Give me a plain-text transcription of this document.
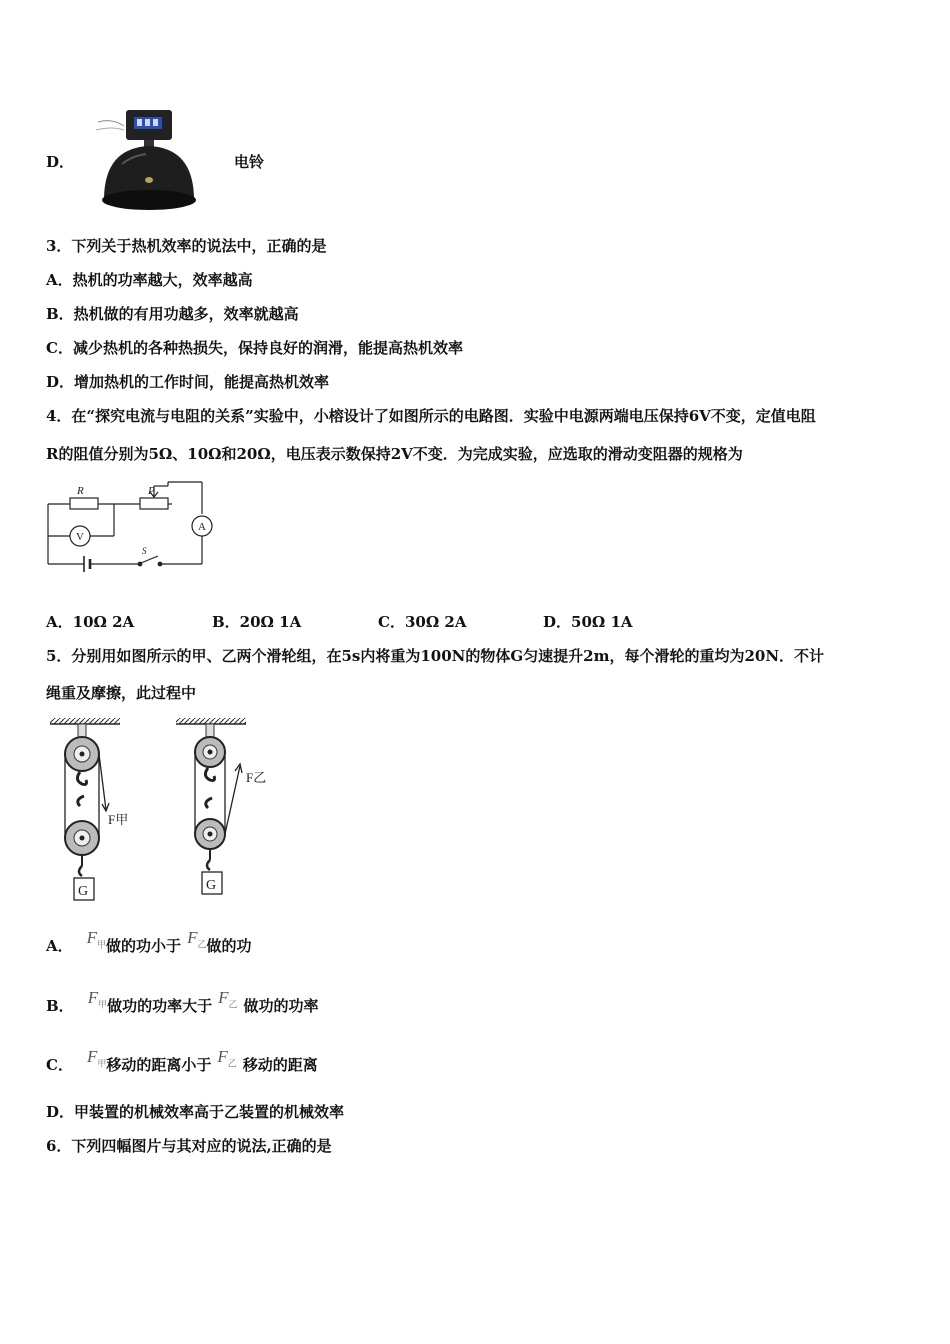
D．	电铃
3．下列关于热机效率的说法中，正确的是
A．热机的功率越大，效率越高
B．热机做的有用功越多，效率就越高
C．减少热机的各种热损失，保持良好的润滑，能提高热机效率
D．增加热机的工作时间，能提高热机效率
4．在“探究电流与电阻的关系”实验中，小榕设计了如图所示的电路图．实验中电源两端电压保持6V不变，定值电阻
R的阻值分别为5Ω、10Ω和20Ω，电压表示数保持2V不变．为完成实验，应选取的滑动变阻器的规格为
R	P
S
A
V
A．10Ω 2A	B．20Ω 1A	C．30Ω 2A	D．50Ω 1A
5．分别用如图所示的甲、乙两个滑轮组，在5s内将重为100N的物体G匀速提升2m，每个滑轮的重均为20N．不计
绳重及摩擦，此过程中
G
F甲
G
F乙
A． $F_甲$做的功小于 $F_乙$做的功
B． $F_甲$做功的功率大于 $F_乙$ 做功的功率
C． $F_甲$移动的距离小于 $F_乙$ 移动的距离
D．甲装置的机械效率高于乙装置的机械效率
6．下列四幅图片与其对应的说法,正确的是
